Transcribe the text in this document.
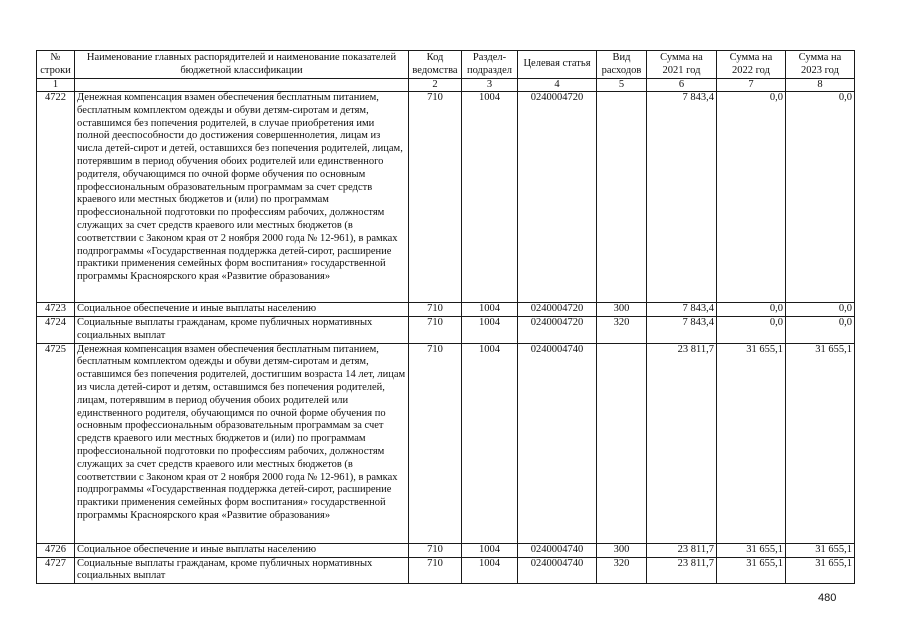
№ строки	Наименование главных распорядителей и наименование показателей бюджетной классификации	Код ведомства	Раздел-подраздел	Целевая статья	Вид расходов	Сумма на 2021 год	Сумма на 2022 год	Сумма на 2023 год
1		2	3	4	5	6	7	8
4722	Денежная компенсация взамен обеспечения бесплатным питанием, бесплатным комплектом одежды и обуви детям-сиротам и детям, оставшимся без попечения родителей, в случае приобретения ими полной дееспособности до достижения совершеннолетия, лицам из числа детей-сирот и детей, оставшихся без попечения родителей, лицам, потерявшим в период обучения обоих родителей или единственного родителя, обучающимся по очной форме обучения по основным профессиональным образовательным программам за счет средств краевого или местных бюджетов и (или) по программам профессиональной подготовки по профессиям рабочих, должностям служащих за счет средств краевого или местных бюджетов (в соответствии с Законом края от 2 ноября 2000 года № 12-961), в рамках подпрограммы «Государственная поддержка детей-сирот, расширение практики применения семейных форм воспитания» государственной программы Красноярского края «Развитие образования»	710	1004	0240004720		7 843,4	0,0	0,0
4723	Социальное обеспечение и иные выплаты населению	710	1004	0240004720	300	7 843,4	0,0	0,0
4724	Социальные выплаты гражданам, кроме публичных нормативных социальных выплат	710	1004	0240004720	320	7 843,4	0,0	0,0
4725	Денежная компенсация взамен обеспечения бесплатным питанием, бесплатным комплектом одежды и обуви детям-сиротам и детям, оставшимся без попечения родителей, достигшим возраста 14 лет, лицам из числа детей-сирот и детям, оставшимся без попечения родителей, лицам, потерявшим в период обучения обоих родителей или единственного родителя, обучающимся по очной форме обучения по основным профессиональным образовательным программам за счет средств краевого или местных бюджетов и (или) по программам профессиональной подготовки по профессиям рабочих, должностям служащих за счет средств краевого или местных бюджетов (в соответствии с Законом края от 2 ноября 2000 года № 12-961), в рамках подпрограммы «Государственная поддержка детей-сирот, расширение практики применения семейных форм воспитания» государственной программы Красноярского края «Развитие образования»	710	1004	0240004740		23 811,7	31 655,1	31 655,1
4726	Социальное обеспечение и иные выплаты населению	710	1004	0240004740	300	23 811,7	31 655,1	31 655,1
4727	Социальные выплаты гражданам, кроме публичных нормативных социальных выплат	710	1004	0240004740	320	23 811,7	31 655,1	31 655,1
480
